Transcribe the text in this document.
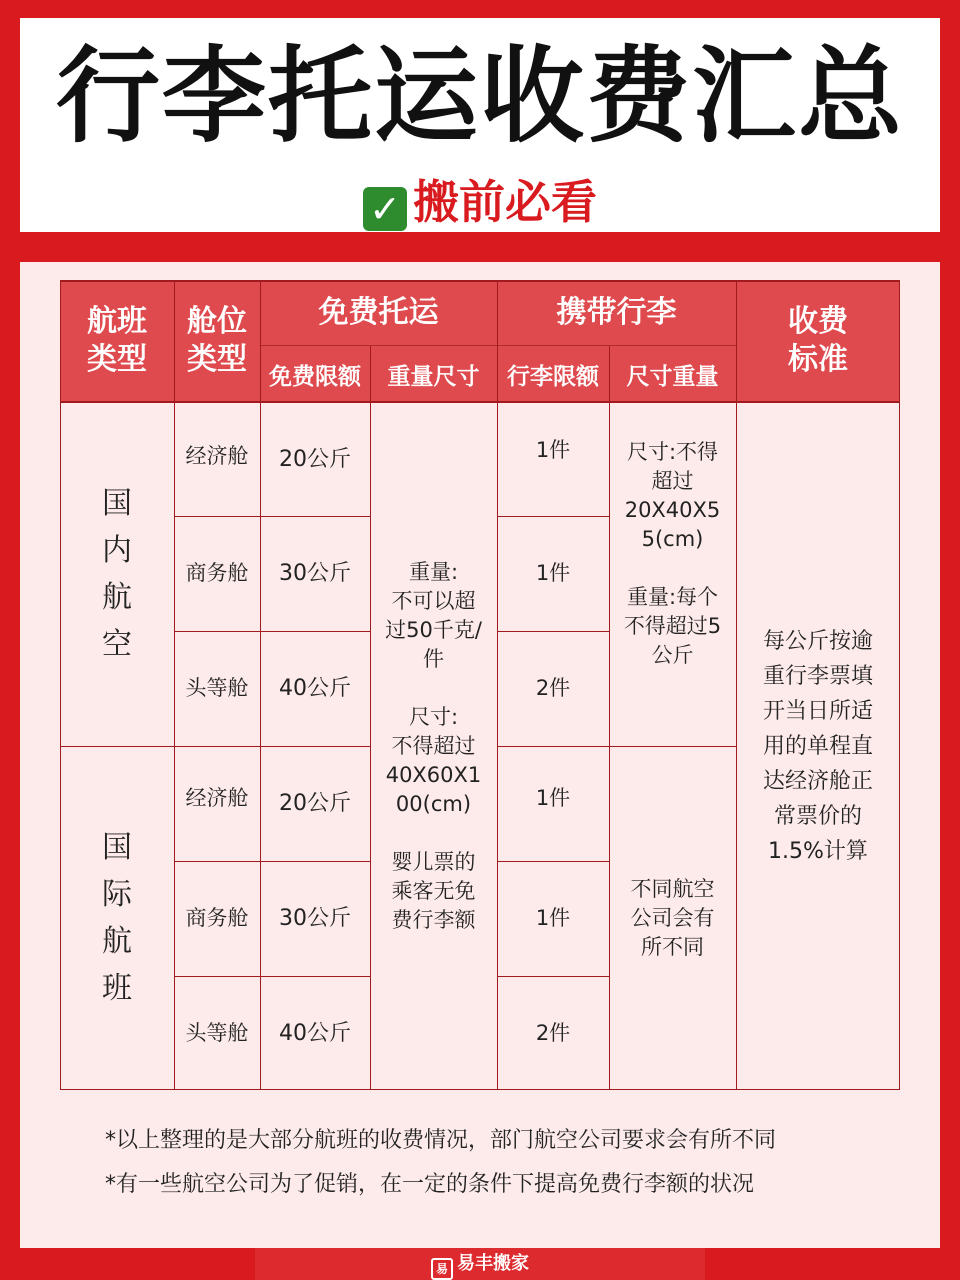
行李托运收费汇总
✓ 搬前必看
航班
类型
舱位
类型
免费托运
免费限额	重量尺寸
携带行李
行李限额	尺寸重量
收费
标准
国
内
航
空
经济舱
商务舱
头等舱
20公斤
30公斤
40公斤
1件
1件
2件
尺寸:不得
超过
20X40X5
5(cm)

重量:每个
不得超过5
公斤
国
际
航
班
经济舱
商务舱
头等舱
20公斤
30公斤
40公斤
1件
1件
2件
不同航空
公司会有
所不同
重量:
不可以超
过50千克/
件

尺寸:
不得超过
40X60X1
00(cm)

婴儿票的
乘客无免
费行李额
每公斤按逾
重行李票填
开当日所适
用的单程直
达经济舱正
常票价的
1.5%计算
*以上整理的是大部分航班的收费情况，部门航空公司要求会有所不同
*有一些航空公司为了促销，在一定的条件下提高免费行李额的状况
易 易丰搬家
